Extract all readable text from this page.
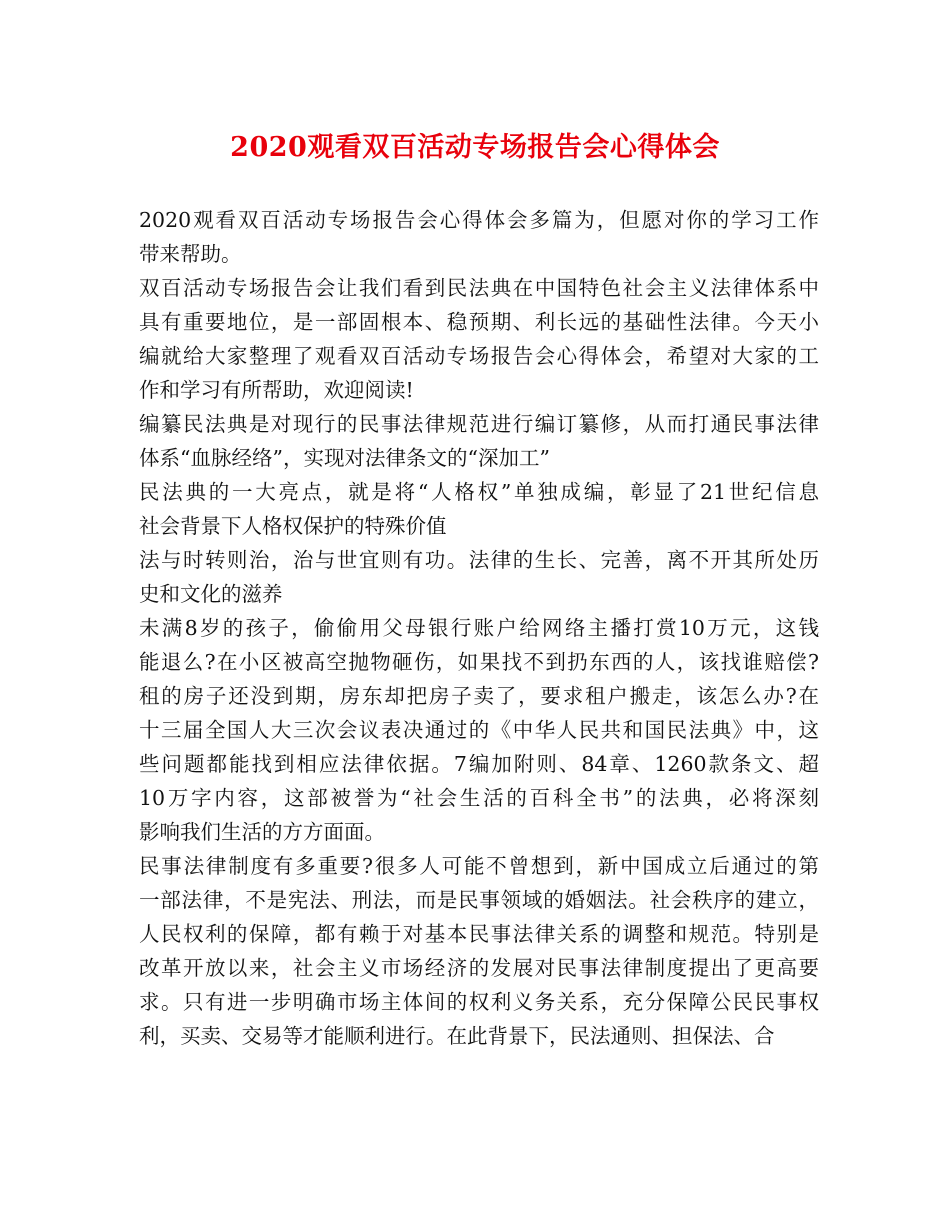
2020观看双百活动专场报告会心得体会
2020观看双百活动专场报告会心得体会多篇为，但愿对你的学习工作
带来帮助。
双百活动专场报告会让我们看到民法典在中国特色社会主义法律体系中
具有重要地位，是一部固根本、稳预期、利长远的基础性法律。今天小
编就给大家整理了观看双百活动专场报告会心得体会，希望对大家的工
作和学习有所帮助，欢迎阅读!
编纂民法典是对现行的民事法律规范进行编订纂修，从而打通民事法律
体系“血脉经络”，实现对法律条文的“深加工”
民法典的一大亮点，就是将“人格权”单独成编，彰显了21世纪信息
社会背景下人格权保护的特殊价值
法与时转则治，治与世宜则有功。法律的生长、完善，离不开其所处历
史和文化的滋养
未满8岁的孩子，偷偷用父母银行账户给网络主播打赏10万元，这钱
能退么?在小区被高空抛物砸伤，如果找不到扔东西的人，该找谁赔偿?
租的房子还没到期，房东却把房子卖了，要求租户搬走，该怎么办?在
十三届全国人大三次会议表决通过的《中华人民共和国民法典》中，这
些问题都能找到相应法律依据。7编加附则、84章、1260款条文、超
10万字内容，这部被誉为“社会生活的百科全书”的法典，必将深刻
影响我们生活的方方面面。
民事法律制度有多重要?很多人可能不曾想到，新中国成立后通过的第
一部法律，不是宪法、刑法，而是民事领域的婚姻法。社会秩序的建立，
人民权利的保障，都有赖于对基本民事法律关系的调整和规范。特别是
改革开放以来，社会主义市场经济的发展对民事法律制度提出了更高要
求。只有进一步明确市场主体间的权利义务关系，充分保障公民民事权
利，买卖、交易等才能顺利进行。在此背景下，民法通则、担保法、合
